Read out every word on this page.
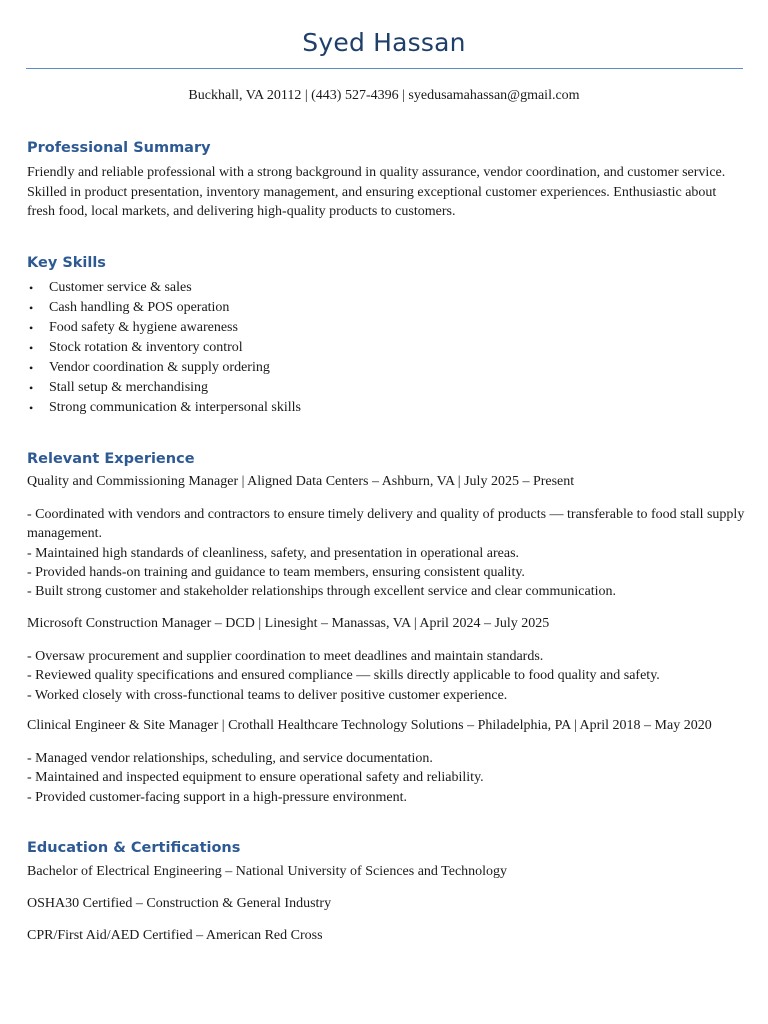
Syed Hassan
Buckhall, VA 20112 | (443) 527-4396 | syedusamahassan@gmail.com
Professional Summary

Friendly and reliable professional with a strong background in quality assurance, vendor coordination, and customer service. Skilled in product presentation, inventory management, and ensuring exceptional customer experiences. Enthusiastic about fresh food, local markets, and delivering high-quality products to customers.

Key Skills
• Customer service & sales
• Cash handling & POS operation
• Food safety & hygiene awareness
• Stock rotation & inventory control
• Vendor coordination & supply ordering
• Stall setup & merchandising
• Strong communication & interpersonal skills
Relevant Experience
Quality and Commissioning Manager | Aligned Data Centers – Ashburn, VA | July 2025 – Present
- Coordinated with vendors and contractors to ensure timely delivery and quality of products — transferable to food stall supply management.
- Maintained high standards of cleanliness, safety, and presentation in operational areas.
- Provided hands-on training and guidance to team members, ensuring consistent quality.
- Built strong customer and stakeholder relationships through excellent service and clear communication.
Microsoft Construction Manager – DCD | Linesight – Manassas, VA | April 2024 – July 2025
- Oversaw procurement and supplier coordination to meet deadlines and maintain standards.
- Reviewed quality specifications and ensured compliance — skills directly applicable to food quality and safety.
- Worked closely with cross-functional teams to deliver positive customer experience.
Clinical Engineer & Site Manager | Crothall Healthcare Technology Solutions – Philadelphia, PA | April 2018 – May 2020
- Managed vendor relationships, scheduling, and service documentation.
- Maintained and inspected equipment to ensure operational safety and reliability.
- Provided customer-facing support in a high-pressure environment.
Education & Certifications
Bachelor of Electrical Engineering – National University of Sciences and Technology
OSHA30 Certified – Construction & General Industry
CPR/First Aid/AED Certified – American Red Cross
